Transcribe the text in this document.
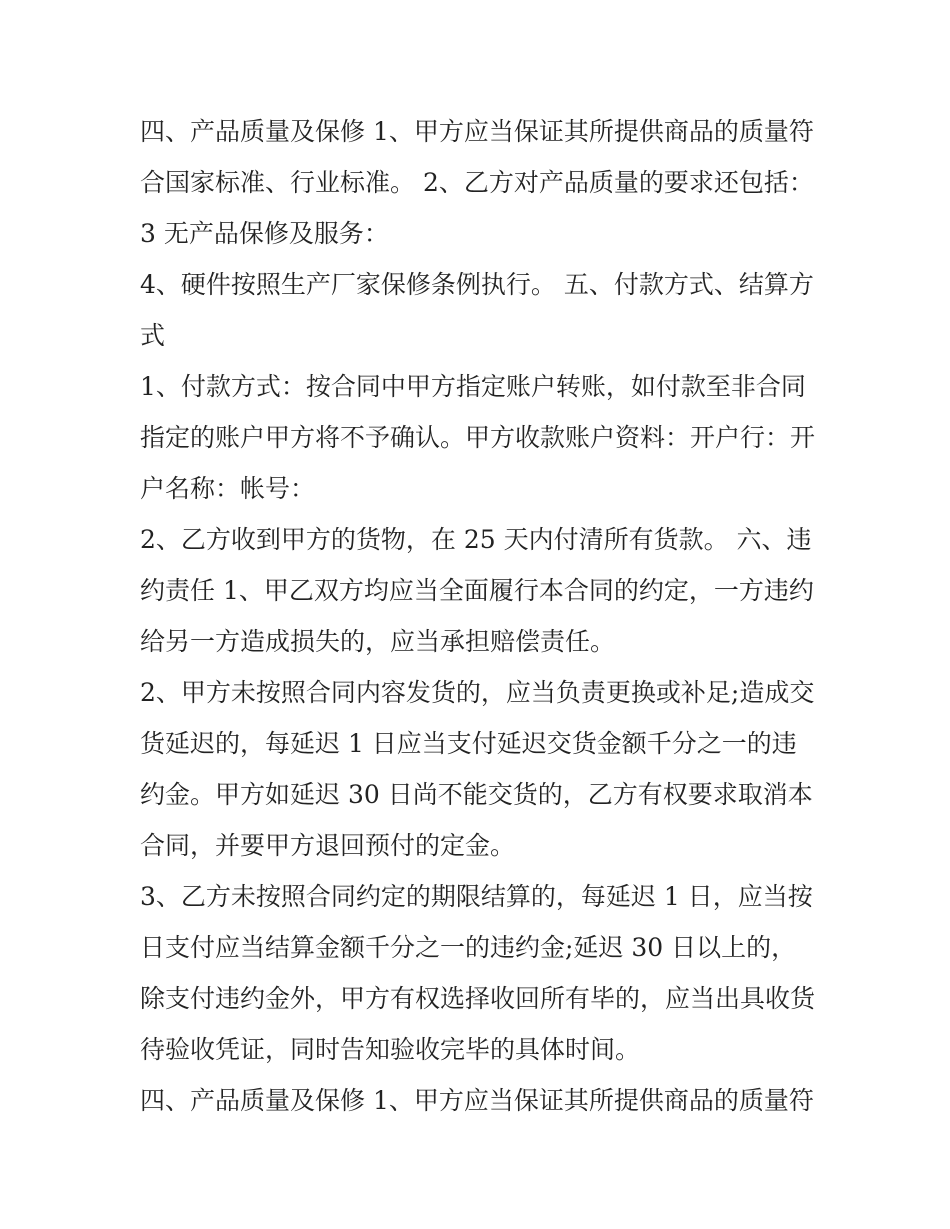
四、产品质量及保修 1、甲方应当保证其所提供商品的质量符合国家标准、行业标准。 2、乙方对产品质量的要求还包括：

3 无产品保修及服务：

4、硬件按照生产厂家保修条例执行。 五、付款方式、结算方式

1、付款方式：按合同中甲方指定账户转账，如付款至非合同指定的账户甲方将不予确认。甲方收款账户资料：开户行：开户名称：帐号：

2、乙方收到甲方的货物，在 25 天内付清所有货款。 六、违约责任 1、甲乙双方均应当全面履行本合同的约定，一方违约给另一方造成损失的，应当承担赔偿责任。

2、甲方未按照合同内容发货的，应当负责更换或补足;造成交货延迟的，每延迟 1 日应当支付延迟交货金额千分之一的违约金。甲方如延迟 30 日尚不能交货的，乙方有权要求取消本合同，并要甲方退回预付的定金。

3、乙方未按照合同约定的期限结算的，每延迟 1 日，应当按日支付应当结算金额千分之一的违约金;延迟 30 日以上的，除支付违约金外，甲方有权选择收回所有毕的，应当出具收货待验收凭证，同时告知验收完毕的具体时间。

四、产品质量及保修 1、甲方应当保证其所提供商品的质量符
